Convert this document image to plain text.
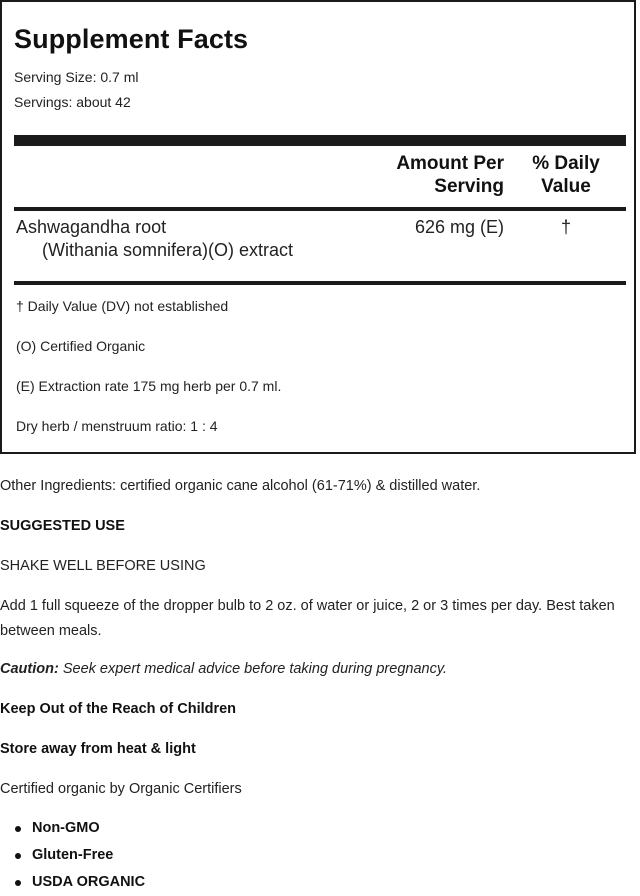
Supplement Facts
Serving Size: 0.7 ml
Servings: about 42
Amount Per
Serving
% Daily
Value
Ashwagandha root
(Withania somnifera)(O) extract
626 mg (E)	†
† Daily Value (DV) not established
(O) Certified Organic
(E) Extraction rate 175 mg herb per 0.7 ml.
Dry herb / menstruum ratio: 1 : 4
Other Ingredients: certified organic cane alcohol (61-71%) & distilled water.
SUGGESTED USE
SHAKE WELL BEFORE USING
Add 1 full squeeze of the dropper bulb to 2 oz. of water or juice, 2 or 3 times per day. Best taken between meals.
Caution: Seek expert medical advice before taking during pregnancy.
Keep Out of the Reach of Children
Store away from heat & light
Certified organic by Organic Certifiers
Non-GMO
Gluten-Free
USDA ORGANIC
